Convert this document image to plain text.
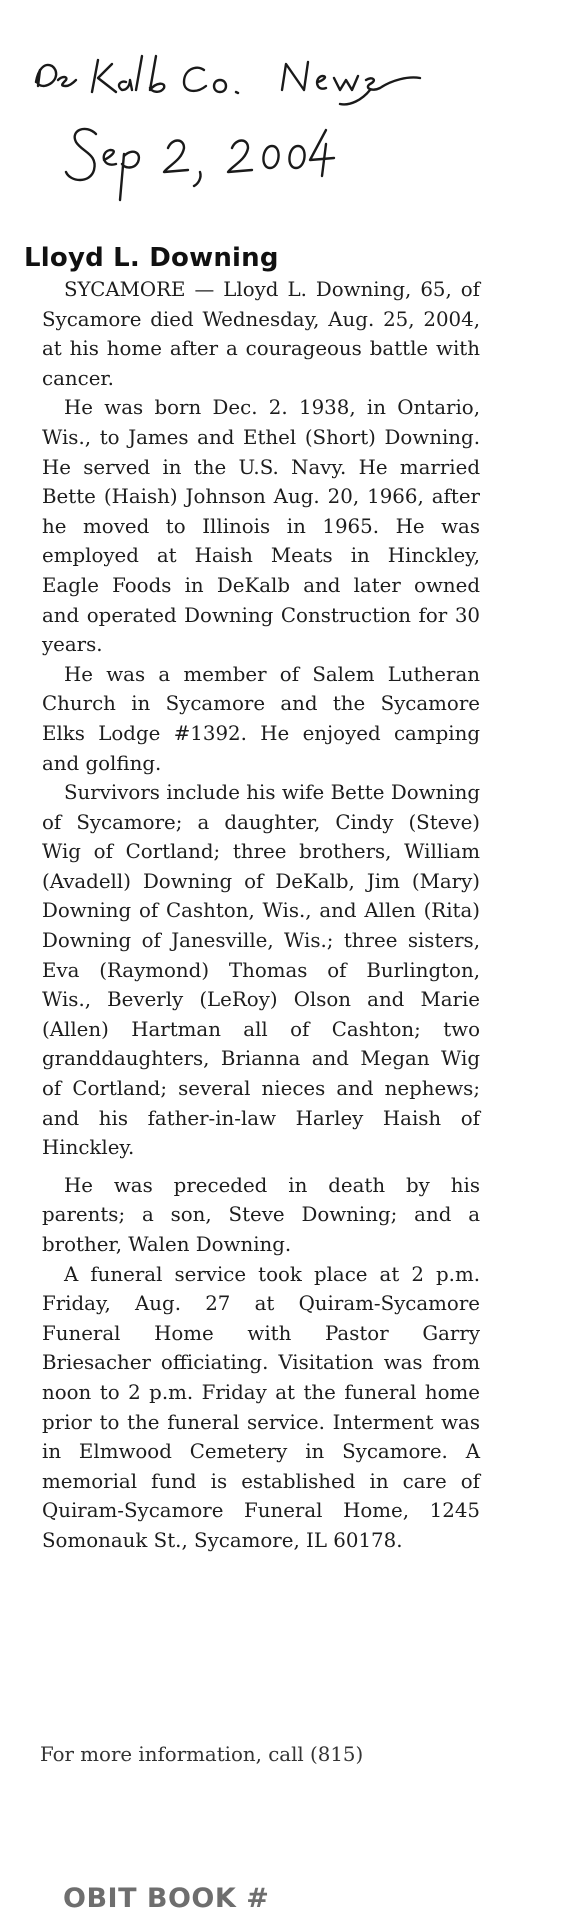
Lloyd L. Downing

SYCAMORE — Lloyd L. Downing, 65, of Sycamore died Wednesday, Aug. 25, 2004, at his home after a courageous battle with cancer.

He was born Dec. 2. 1938, in Ontario, Wis., to James and Ethel (Short) Downing. He served in the U.S. Navy. He married Bette (Haish) Johnson Aug. 20, 1966, after he moved to Illinois in 1965. He was employed at Haish Meats in Hinckley, Eagle Foods in DeKalb and later owned and operated Downing Construction for 30 years.

He was a member of Salem Lutheran Church in Sycamore and the Sycamore Elks Lodge #1392. He enjoyed camping and golfing.

Survivors include his wife Bette Downing of Sycamore; a daughter, Cindy (Steve) Wig of Cortland; three brothers, William (Avadell) Downing of DeKalb, Jim (Mary) Downing of Cashton, Wis., and Allen (Rita) Downing of Janesville, Wis.; three sisters, Eva (Raymond) Thomas of Burlington, Wis., Beverly (LeRoy) Olson and Marie (Allen) Hartman all of Cashton; two granddaughters, Brianna and Megan Wig of Cortland; several nieces and nephews; and his father-in-law Harley Haish of Hinckley.

He was preceded in death by his parents; a son, Steve Downing; and a brother, Walen Downing.

A funeral service took place at 2 p.m. Friday, Aug. 27 at Quiram-Sycamore Funeral Home with Pastor Garry Briesacher officiating. Visitation was from noon to 2 p.m. Friday at the funeral home prior to the funeral service. Interment was in Elmwood Cemetery in Sycamore. A memorial fund is established in care of Quiram-Sycamore Funeral Home, 1245 Somonauk St., Sycamore, IL 60178.

For more information, call (815)
OBIT BOOK #
